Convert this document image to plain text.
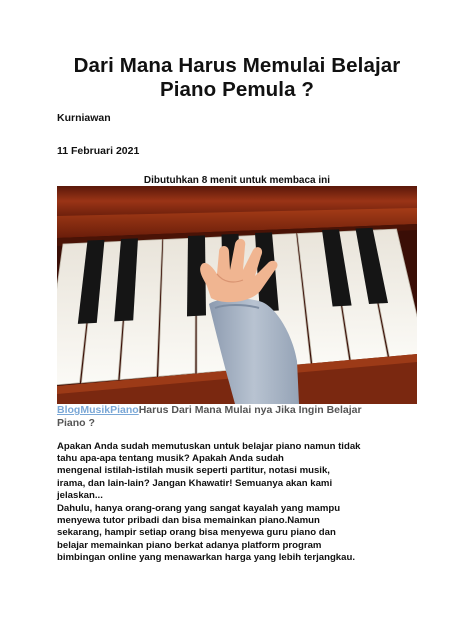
Dari Mana Harus Memulai Belajar
Piano Pemula ?
Kurniawan
11 Februari 2021
Dibutuhkan 8 menit untuk membaca ini
BlogMusikPianoHarus Dari Mana Mulai nya Jika Ingin Belajar
Piano ?

Apakan Anda sudah memutuskan untuk belajar piano namun tidak
tahu apa-apa tentang musik? Apakah Anda sudah
mengenal istilah-istilah musik seperti partitur, notasi musik,
irama, dan lain-lain? Jangan Khawatir! Semuanya akan kami
jelaskan...

Dahulu, hanya orang-orang yang sangat kayalah yang mampu
menyewa tutor pribadi dan bisa memainkan piano.Namun
sekarang, hampir setiap orang bisa menyewa guru piano dan
belajar memainkan piano berkat adanya platform program
bimbingan online yang menawarkan harga yang lebih terjangkau.
